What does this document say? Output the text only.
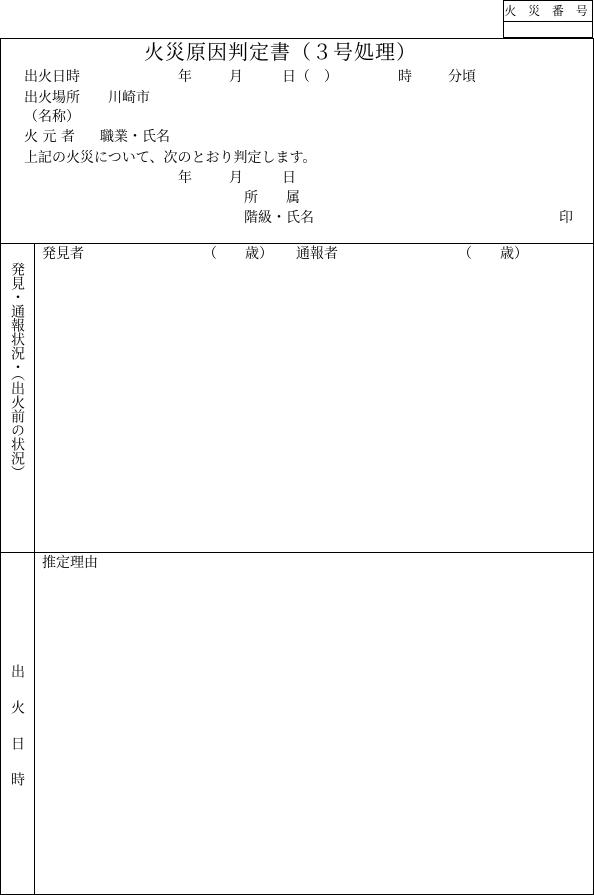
火 災 番 号
火災原因判定書（３号処理）
出火日時	年	月	日（　）	時	分頃
出火場所 川崎市
（名称）
火 元 者 職業・氏名
上記の火災について、次のとおり判定します。
年	月	日
所　　属
階級・氏名	印
発見・通報状況・（出火前の状況）
発見者	（　　歳） 通報者	（　　歳）
出火日時
推定理由
